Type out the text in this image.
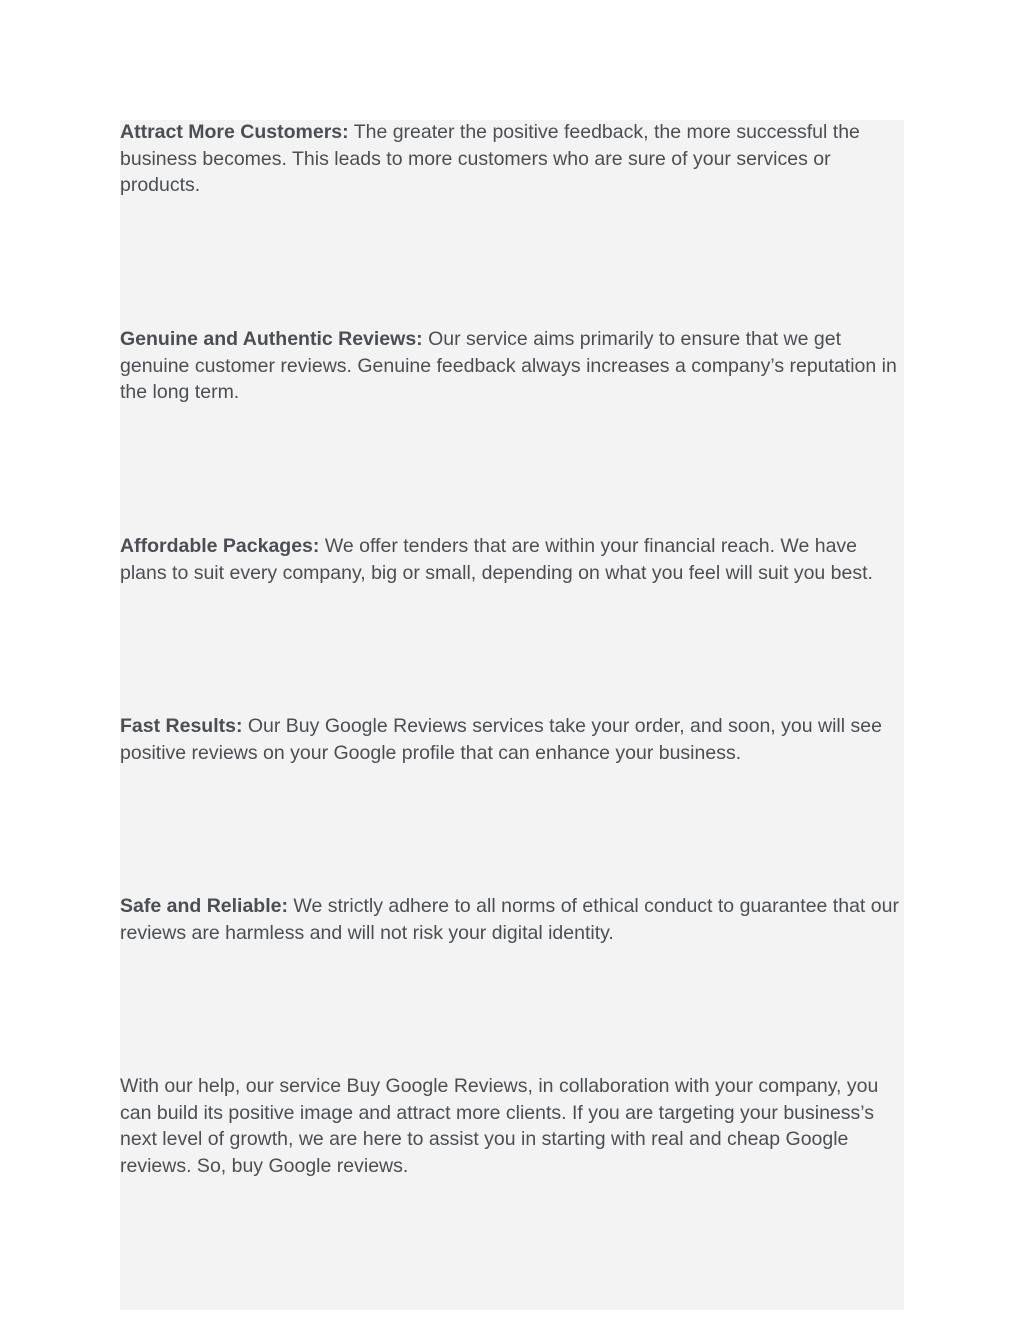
Attract More Customers: The greater the positive feedback, the more successful the business becomes. This leads to more customers who are sure of your services or products.

Genuine and Authentic Reviews: Our service aims primarily to ensure that we get genuine customer reviews. Genuine feedback always increases a company’s reputation in the long term.

Affordable Packages: We offer tenders that are within your financial reach. We have plans to suit every company, big or small, depending on what you feel will suit you best.

Fast Results: Our Buy Google Reviews services take your order, and soon, you will see positive reviews on your Google profile that can enhance your business.

Safe and Reliable: We strictly adhere to all norms of ethical conduct to guarantee that our reviews are harmless and will not risk your digital identity.

With our help, our service Buy Google Reviews, in collaboration with your company, you can build its positive image and attract more clients. If you are targeting your business’s next level of growth, we are here to assist you in starting with real and cheap Google reviews. So, buy Google reviews.
